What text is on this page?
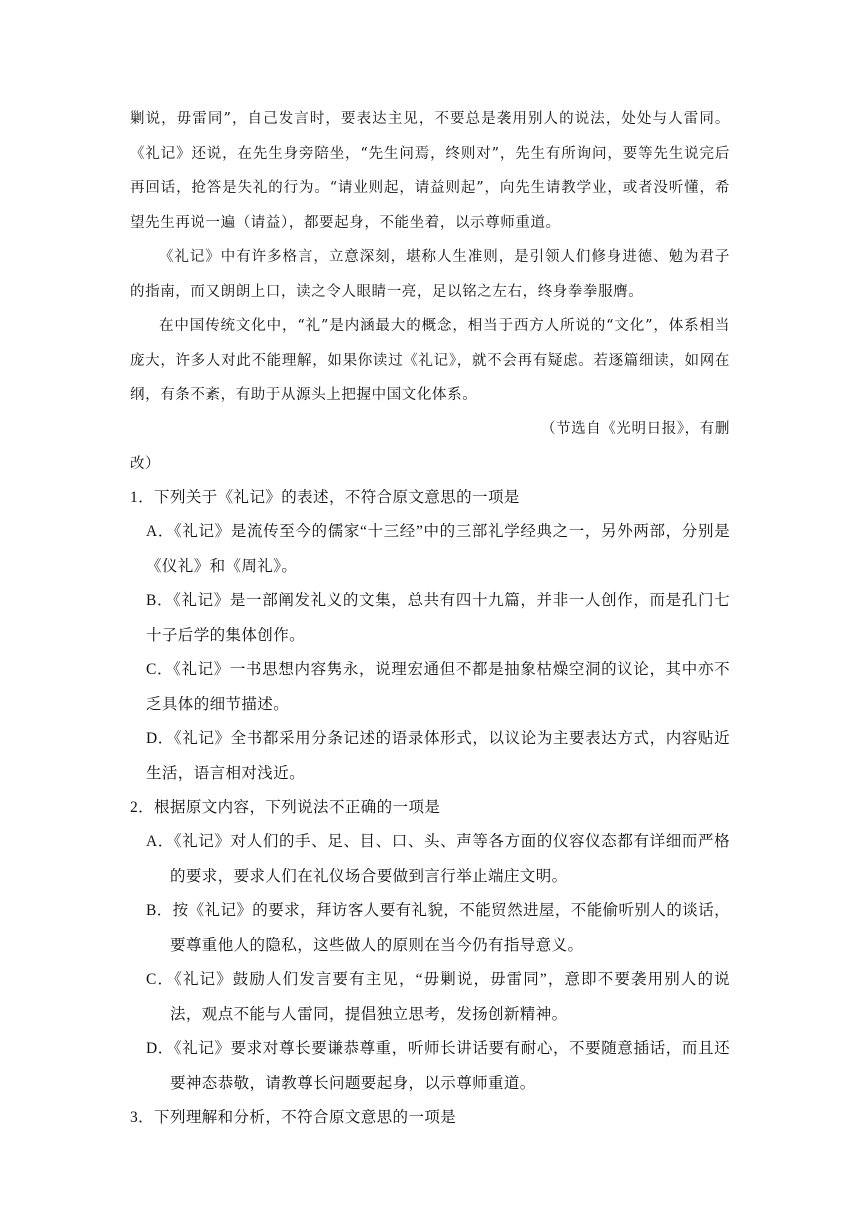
剿说，毋雷同”，自己发言时，要表达主见，不要总是袭用别人的说法，处处与人雷同。《礼记》还说，在先生身旁陪坐，“先生问焉，终则对”，先生有所询问，要等先生说完后再回话，抢答是失礼的行为。“请业则起，请益则起”，向先生请教学业，或者没听懂，希望先生再说一遍（请益），都要起身，不能坐着，以示尊师重道。

《礼记》中有许多格言，立意深刻，堪称人生准则，是引领人们修身进德、勉为君子的指南，而又朗朗上口，读之令人眼睛一亮，足以铭之左右，终身拳拳服膺。

在中国传统文化中，“礼”是内涵最大的概念，相当于西方人所说的“文化”，体系相当庞大，许多人对此不能理解，如果你读过《礼记》，就不会再有疑虑。若逐篇细读，如网在纲，有条不紊，有助于从源头上把握中国文化体系。

（节选自《光明日报》，有删
改）

1．下列关于《礼记》的表述，不符合原文意思的一项是

A．《礼记》是流传至今的儒家“十三经”中的三部礼学经典之一，另外两部，分别是《仪礼》和《周礼》。

B．《礼记》是一部阐发礼义的文集，总共有四十九篇，并非一人创作，而是孔门七十子后学的集体创作。

C．《礼记》一书思想内容隽永，说理宏通但不都是抽象枯燥空洞的议论，其中亦不乏具体的细节描述。

D．《礼记》全书都采用分条记述的语录体形式，以议论为主要表达方式，内容贴近生活，语言相对浅近。

2．根据原文内容，下列说法不正确的一项是

A．《礼记》对人们的手、足、目、口、头、声等各方面的仪容仪态都有详细而严格的要求，要求人们在礼仪场合要做到言行举止端庄文明。

B．按《礼记》的要求，拜访客人要有礼貌，不能贸然进屋，不能偷听别人的谈话，要尊重他人的隐私，这些做人的原则在当今仍有指导意义。

C．《礼记》鼓励人们发言要有主见，“毋剿说，毋雷同”，意即不要袭用别人的说法，观点不能与人雷同，提倡独立思考，发扬创新精神。

D．《礼记》要求对尊长要谦恭尊重，听师长讲话要有耐心，不要随意插话，而且还要神态恭敬，请教尊长问题要起身，以示尊师重道。

3．下列理解和分析，不符合原文意思的一项是
